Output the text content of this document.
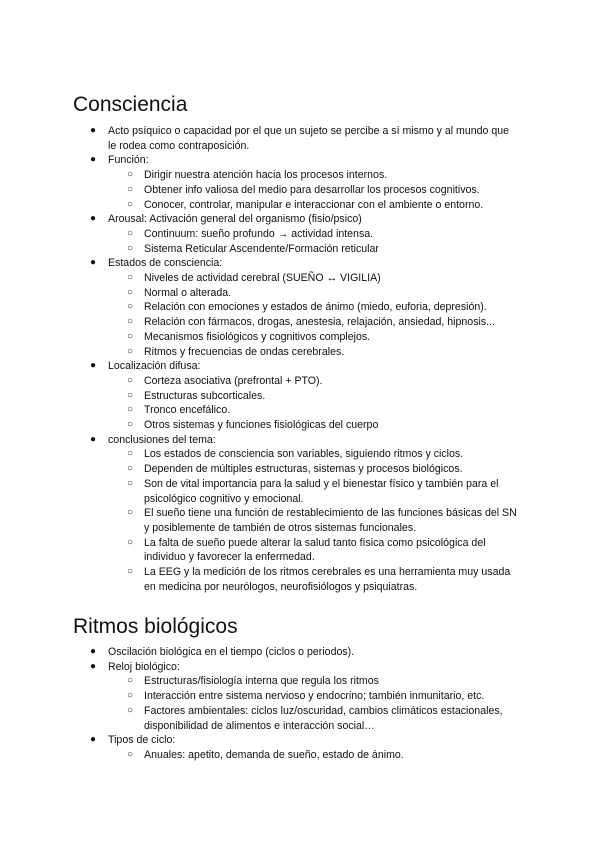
Consciencia
● Acto psíquico o capacidad por el que un sujeto se percibe a sí mismo y al mundo que le rodea como contraposición.
● Función:
○ Dirigir nuestra atención hacia los procesos internos.
○ Obtener info valiosa del medio para desarrollar los procesos cognitivos.
○ Conocer, controlar, manipular e interaccionar con el ambiente o entorno.
● Arousal: Activación general del organismo (fisio/psico)
○ Continuum: sueño profundo → actividad intensa.
○ Sistema Reticular Ascendente/Formación reticular
● Estados de consciencia:
○ Niveles de actividad cerebral (SUEÑO ↔ VIGILIA)
○ Normal o alterada.
○ Relación con emociones y estados de ánimo (miedo, euforia, depresión).
○ Relación con fármacos, drogas, anestesia, relajación, ansiedad, hipnosis...
○ Mecanismos fisiológicos y cognitivos complejos.
○ Ritmos y frecuencias de ondas cerebrales.
● Localización difusa:
○ Corteza asociativa (prefrontal + PTO).
○ Estructuras subcorticales.
○ Tronco encefálico.
○ Otros sistemas y funciones fisiológicas del cuerpo
● conclusiones del tema:
○ Los estados de consciencia son variables, siguiendo ritmos y ciclos.
○ Dependen de múltiples estructuras, sistemas y procesos biológicos.
○ Son de vital importancia para la salud y el bienestar físico y también para el psicológico cognitivo y emocional.
○ El sueño tiene una función de restablecimiento de las funciones básicas del SN y posiblemente de también de otros sistemas funcionales.
○ La falta de sueño puede alterar la salud tanto física como psicológica del individuo y favorecer la enfermedad.
○ La EEG y la medición de los ritmos cerebrales es una herramienta muy usada en medicina por neurólogos, neurofisiólogos y psiquiatras.
Ritmos biológicos
● Oscilación biológica en el tiempo (ciclos o periodos).
● Reloj biológico:
○ Estructuras/fisiología interna que regula los ritmos
○ Interacción entre sistema nervioso y endocrino; también inmunitario, etc.
○ Factores ambientales: ciclos luz/oscuridad, cambios climáticos estacionales, disponibilidad de alimentos e interacción social…
● Tipos de ciclo:
○ Anuales: apetito, demanda de sueño, estado de ánimo.
